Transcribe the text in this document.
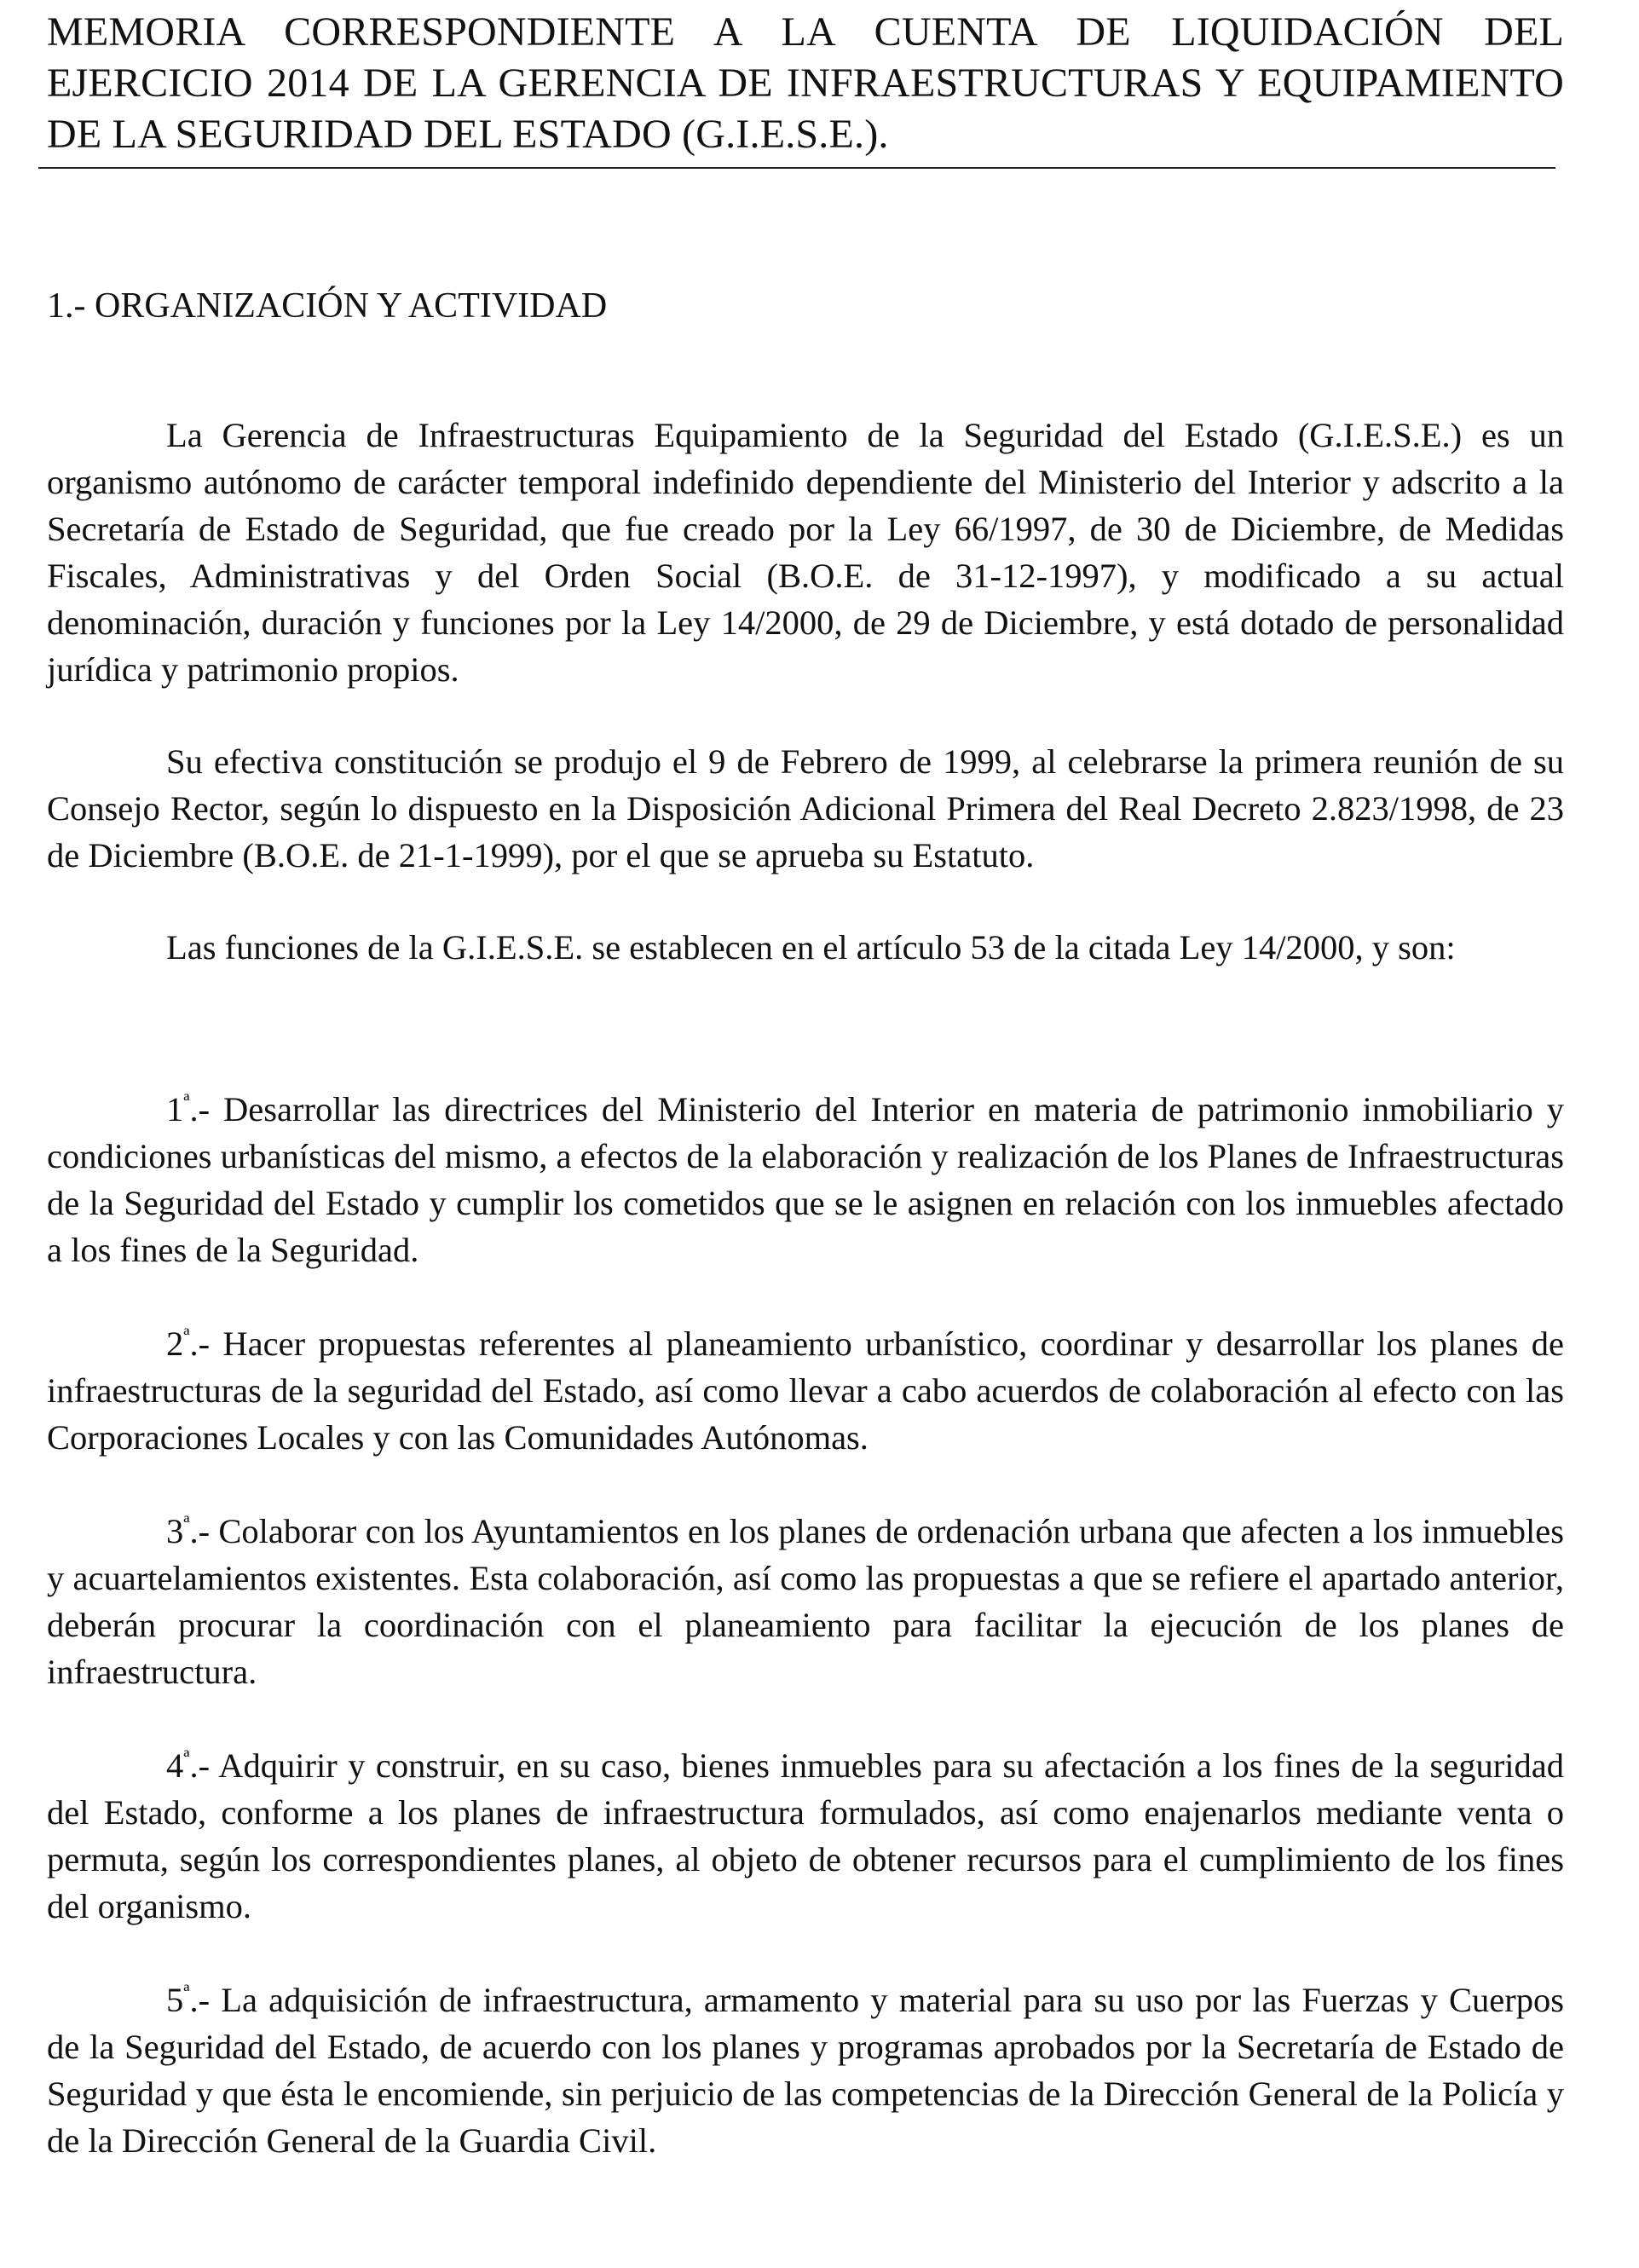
MEMORIA CORRESPONDIENTE A LA CUENTA DE LIQUIDACIÓN DEL EJERCICIO 2014 DE LA GERENCIA DE INFRAESTRUCTURAS Y EQUIPAMIENTO DE LA SEGURIDAD DEL ESTADO (G.I.E.S.E.).
1.- ORGANIZACIÓN Y ACTIVIDAD

La Gerencia de Infraestructuras Equipamiento de la Seguridad del Estado (G.I.E.S.E.) es un organismo autónomo de carácter temporal indefinido dependiente del Ministerio del Interior y adscrito a la Secretaría de Estado de Seguridad, que fue creado por la Ley 66/1997, de 30 de Diciembre, de Medidas Fiscales, Administrativas y del Orden Social (B.O.E. de 31-12-1997), y modificado a su actual denominación, duración y funciones por la Ley 14/2000, de 29 de Diciembre, y está dotado de personalidad jurídica y patrimonio propios.

Su efectiva constitución se produjo el 9 de Febrero de 1999, al celebrarse la primera reunión de su Consejo Rector, según lo dispuesto en la Disposición Adicional Primera del Real Decreto 2.823/1998, de 23 de Diciembre (B.O.E. de 21-1-1999), por el que se aprueba su Estatuto.

Las funciones de la G.I.E.S.E. se establecen en el artículo 53 de la citada Ley 14/2000, y son:

$1^ª.-$ Desarrollar las directrices del Ministerio del Interior en materia de patrimonio inmobiliario y condiciones urbanísticas del mismo, a efectos de la elaboración y realización de los Planes de Infraestructuras de la Seguridad del Estado y cumplir los cometidos que se le asignen en relación con los inmuebles afectado a los fines de la Seguridad.

$2^ª.-$ Hacer propuestas referentes al planeamiento urbanístico, coordinar y desarrollar los planes de infraestructuras de la seguridad del Estado, así como llevar a cabo acuerdos de colaboración al efecto con las Corporaciones Locales y con las Comunidades Autónomas.

$3^ª.-$ Colaborar con los Ayuntamientos en los planes de ordenación urbana que afecten a los inmuebles y acuartelamientos existentes. Esta colaboración, así como las propuestas a que se refiere el apartado anterior, deberán procurar la coordinación con el planeamiento para facilitar la ejecución de los planes de infraestructura.

$4^ª.-$ Adquirir y construir, en su caso, bienes inmuebles para su afectación a los fines de la seguridad del Estado, conforme a los planes de infraestructura formulados, así como enajenarlos mediante venta o permuta, según los correspondientes planes, al objeto de obtener recursos para el cumplimiento de los fines del organismo.

$5^ª.-$ La adquisición de infraestructura, armamento y material para su uso por las Fuerzas y Cuerpos de la Seguridad del Estado, de acuerdo con los planes y programas aprobados por la Secretaría de Estado de Seguridad y que ésta le encomiende, sin perjuicio de las competencias de la Dirección General de la Policía y de la Dirección General de la Guardia Civil.
